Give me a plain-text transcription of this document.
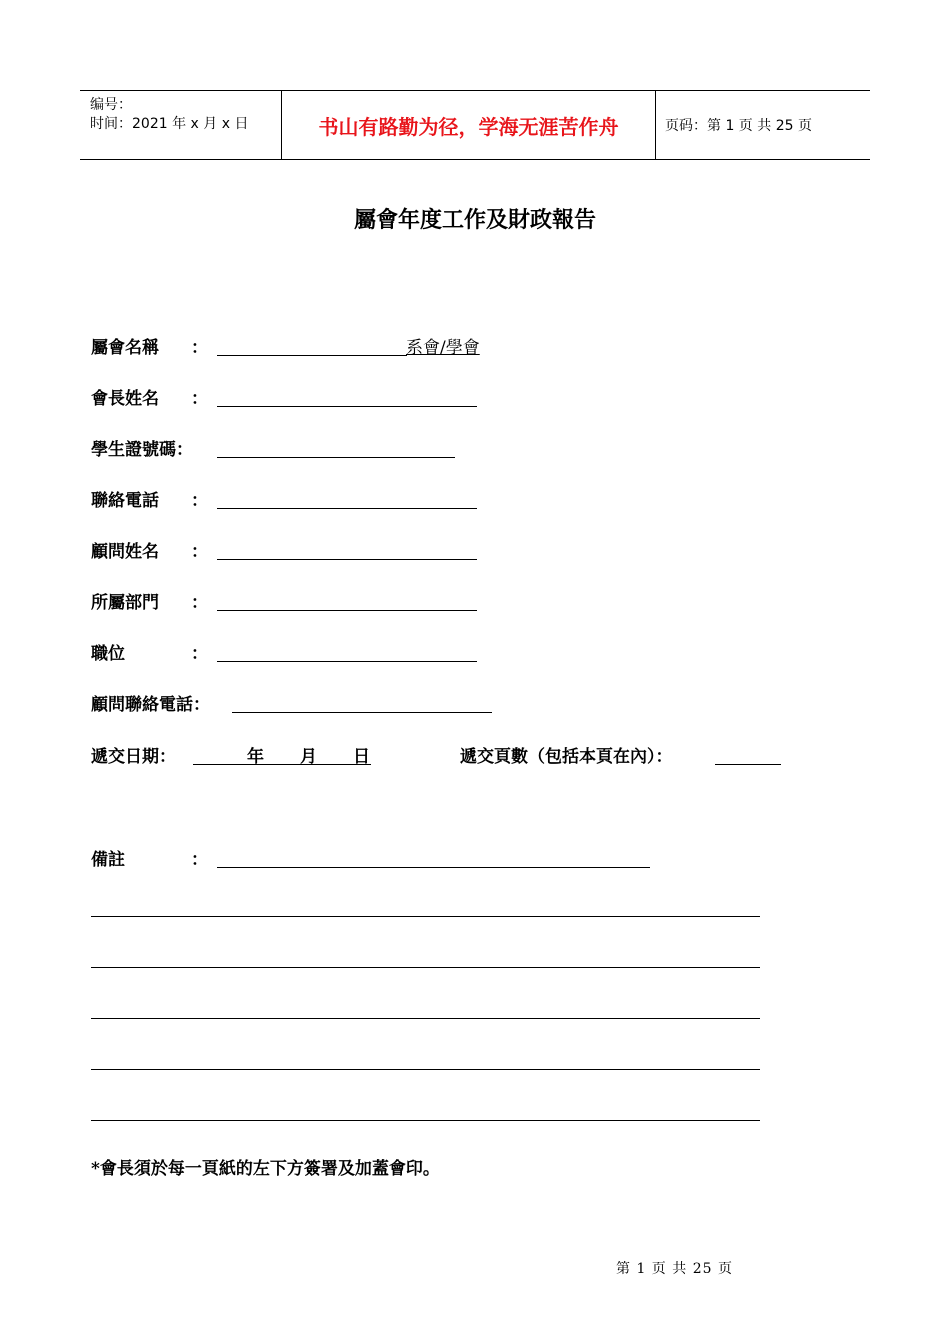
编号：
时间：2021 年 x 月 x 日	书山有路勤为径，学海无涯苦作舟	页码：第 1 页 共 25 页
屬會年度工作及財政報告
屬會名稱 ：	系會/學會
會長姓名 ：
學生證號碼：
聯絡電話 ：
顧問姓名 ：
所屬部門 ：
職位	：
顧問聯絡電話：
遞交日期：	年 月 日	遞交頁數（包括本頁在內）：
備註	：
*會長須於每一頁紙的左下方簽署及加蓋會印。
第 1 页 共 25 页
